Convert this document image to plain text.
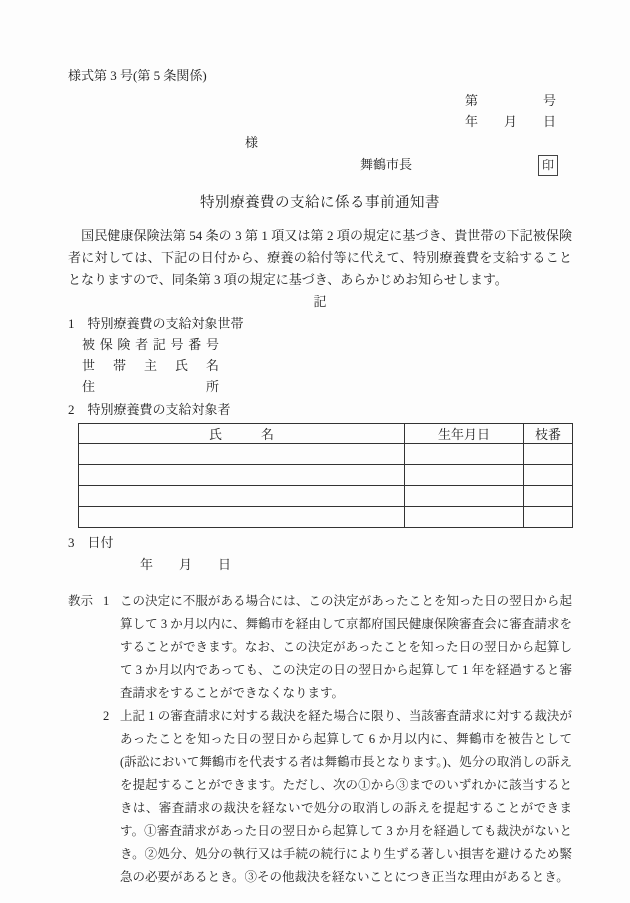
様式第 3 号(第 5 条関係)
第　　　　　号
年　　月　　日
様
舞鶴市長	印
特別療養費の支給に係る事前通知書
　国民健康保険法第 54 条の 3 第 1 項又は第 2 項の規定に基づき、貴世帯の下記被保険者に対しては、下記の日付から、療養の給付等に代えて、特別療養費を支給することとなりますので、同条第 3 項の規定に基づき、あらかじめお知らせします。
記
1 特別療養費の支給対象世帯
被保険者記号番号
世帯主氏名
住所
2 特別療養費の支給対象者
氏　　　名	生年月日	枝番

3 日付
年　　月　　日
教示 1 この決定に不服がある場合には、この決定があったことを知った日の翌日から起算して 3 か月以内に、舞鶴市を経由して京都府国民健康保険審査会に審査請求をすることができます。なお、この決定があったことを知った日の翌日から起算して 3 か月以内であっても、この決定の日の翌日から起算して 1 年を経過すると審査請求をすることができなくなります。
2 上記 1 の審査請求に対する裁決を経た場合に限り、当該審査請求に対する裁決があったことを知った日の翌日から起算して 6 か月以内に、舞鶴市を被告として(訴訟において舞鶴市を代表する者は舞鶴市長となります。)、処分の取消しの訴えを提起することができます。ただし、次の①から③までのいずれかに該当するときは、審査請求の裁決を経ないで処分の取消しの訴えを提起することができます。①審査請求があった日の翌日から起算して 3 か月を経過しても裁決がないとき。②処分、処分の執行又は手続の続行により生ずる著しい損害を避けるため緊急の必要があるとき。③その他裁決を経ないことにつき正当な理由があるとき。
